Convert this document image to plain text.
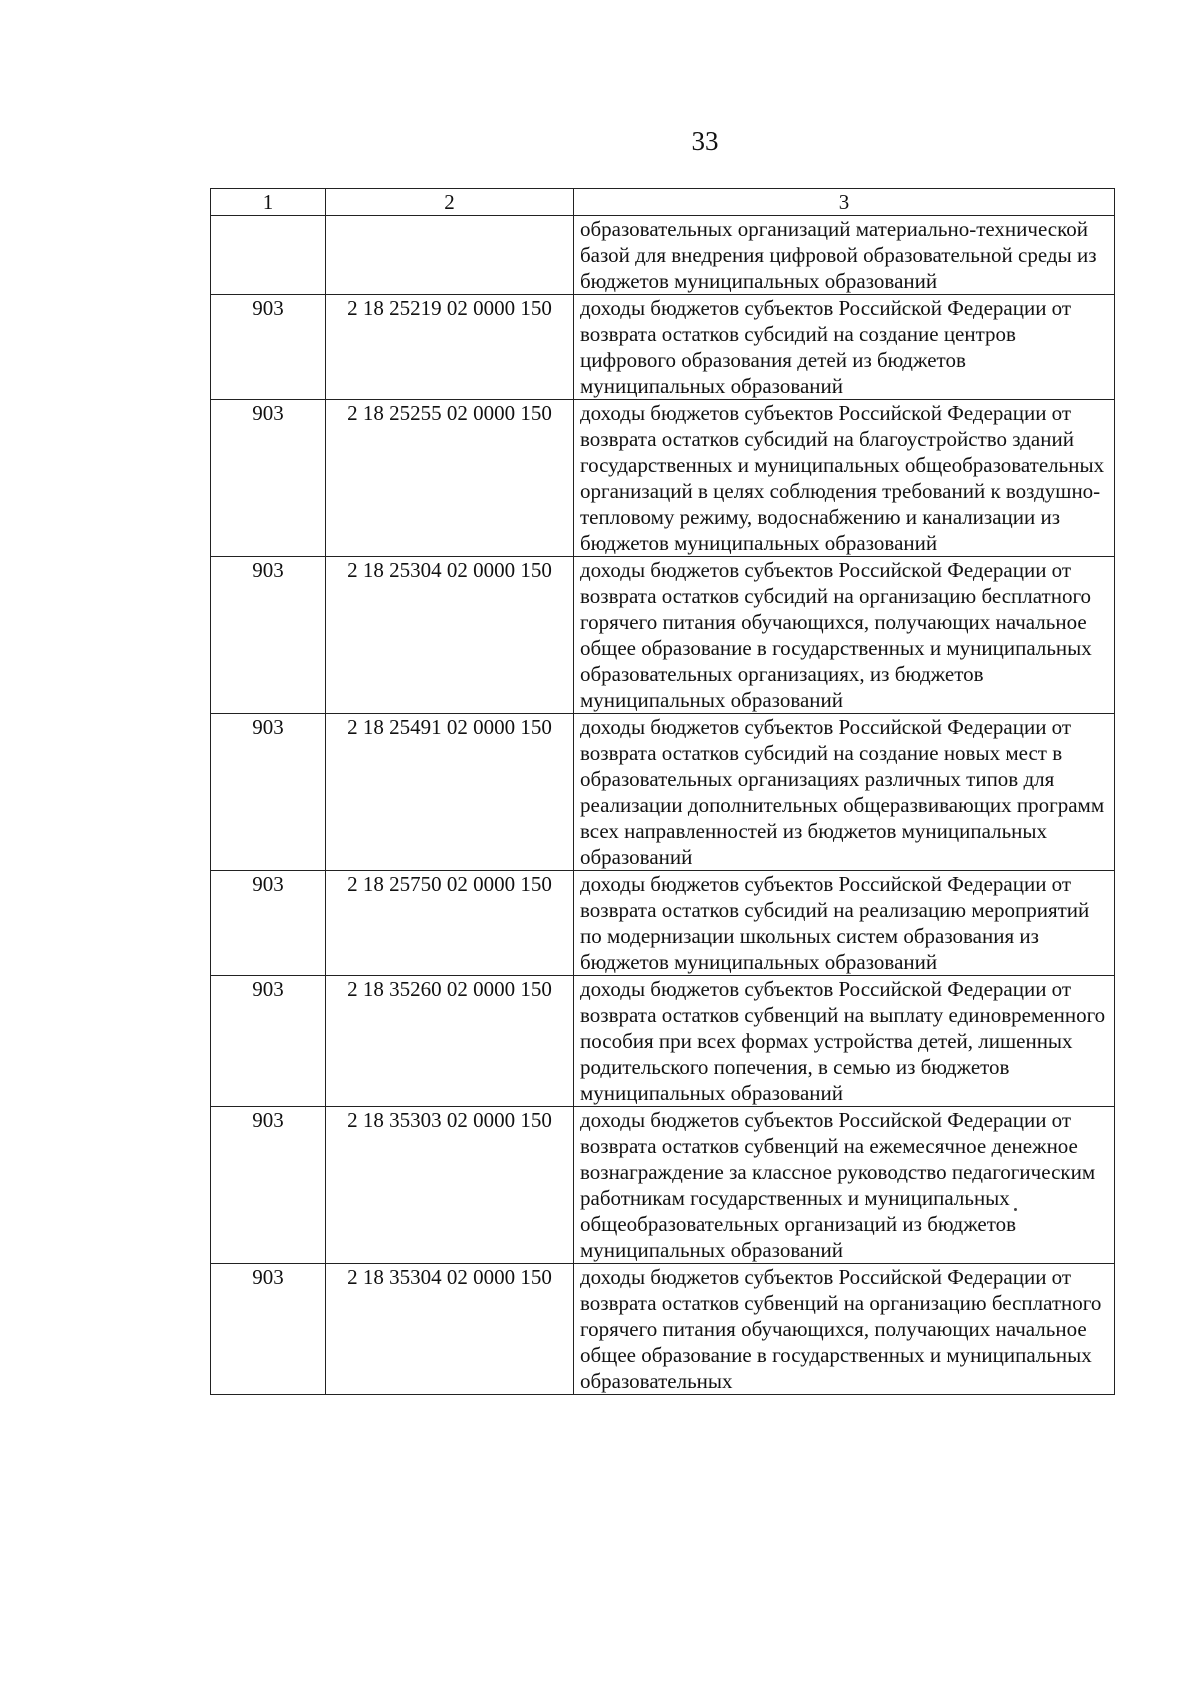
33
1	2	3
		образовательных организаций материально-технической базой для внедрения цифровой образовательной среды из бюджетов муниципальных образований
903	2 18 25219 02 0000 150	доходы бюджетов субъектов Российской Федерации от возврата остатков субсидий на создание центров цифрового образования детей из бюджетов муниципальных образований
903	2 18 25255 02 0000 150	доходы бюджетов субъектов Российской Федерации от возврата остатков субсидий на благоустройство зданий государственных и муниципальных общеобразовательных организаций в целях соблюдения требований к воздушно-тепловому режиму, водоснабжению и канализации из бюджетов муниципальных образований
903	2 18 25304 02 0000 150	доходы бюджетов субъектов Российской Федерации от возврата остатков субсидий на организацию бесплатного горячего питания обучающихся, получающих начальное общее образование в государственных и муниципальных образовательных организациях, из бюджетов муниципальных образований
903	2 18 25491 02 0000 150	доходы бюджетов субъектов Российской Федерации от возврата остатков субсидий на создание новых мест в образовательных организациях различных типов для реализации дополнительных общеразвивающих программ всех направленностей из бюджетов муниципальных образований
903	2 18 25750 02 0000 150	доходы бюджетов субъектов Российской Федерации от возврата остатков субсидий на реализацию мероприятий по модернизации школьных систем образования из бюджетов муниципальных образований
903	2 18 35260 02 0000 150	доходы бюджетов субъектов Российской Федерации от возврата остатков субвенций на выплату единовременного пособия при всех формах устройства детей, лишенных родительского попечения, в семью из бюджетов муниципальных образований
903	2 18 35303 02 0000 150	доходы бюджетов субъектов Российской Федерации от возврата остатков субвенций на ежемесячное денежное вознаграждение за классное руководство педагогическим работникам государственных и муниципальных общеобразовательных организаций из бюджетов муниципальных образований
903	2 18 35304 02 0000 150	доходы бюджетов субъектов Российской Федерации от возврата остатков субвенций на организацию бесплатного горячего питания обучающихся, получающих начальное общее образование в государственных и муниципальных образовательных
